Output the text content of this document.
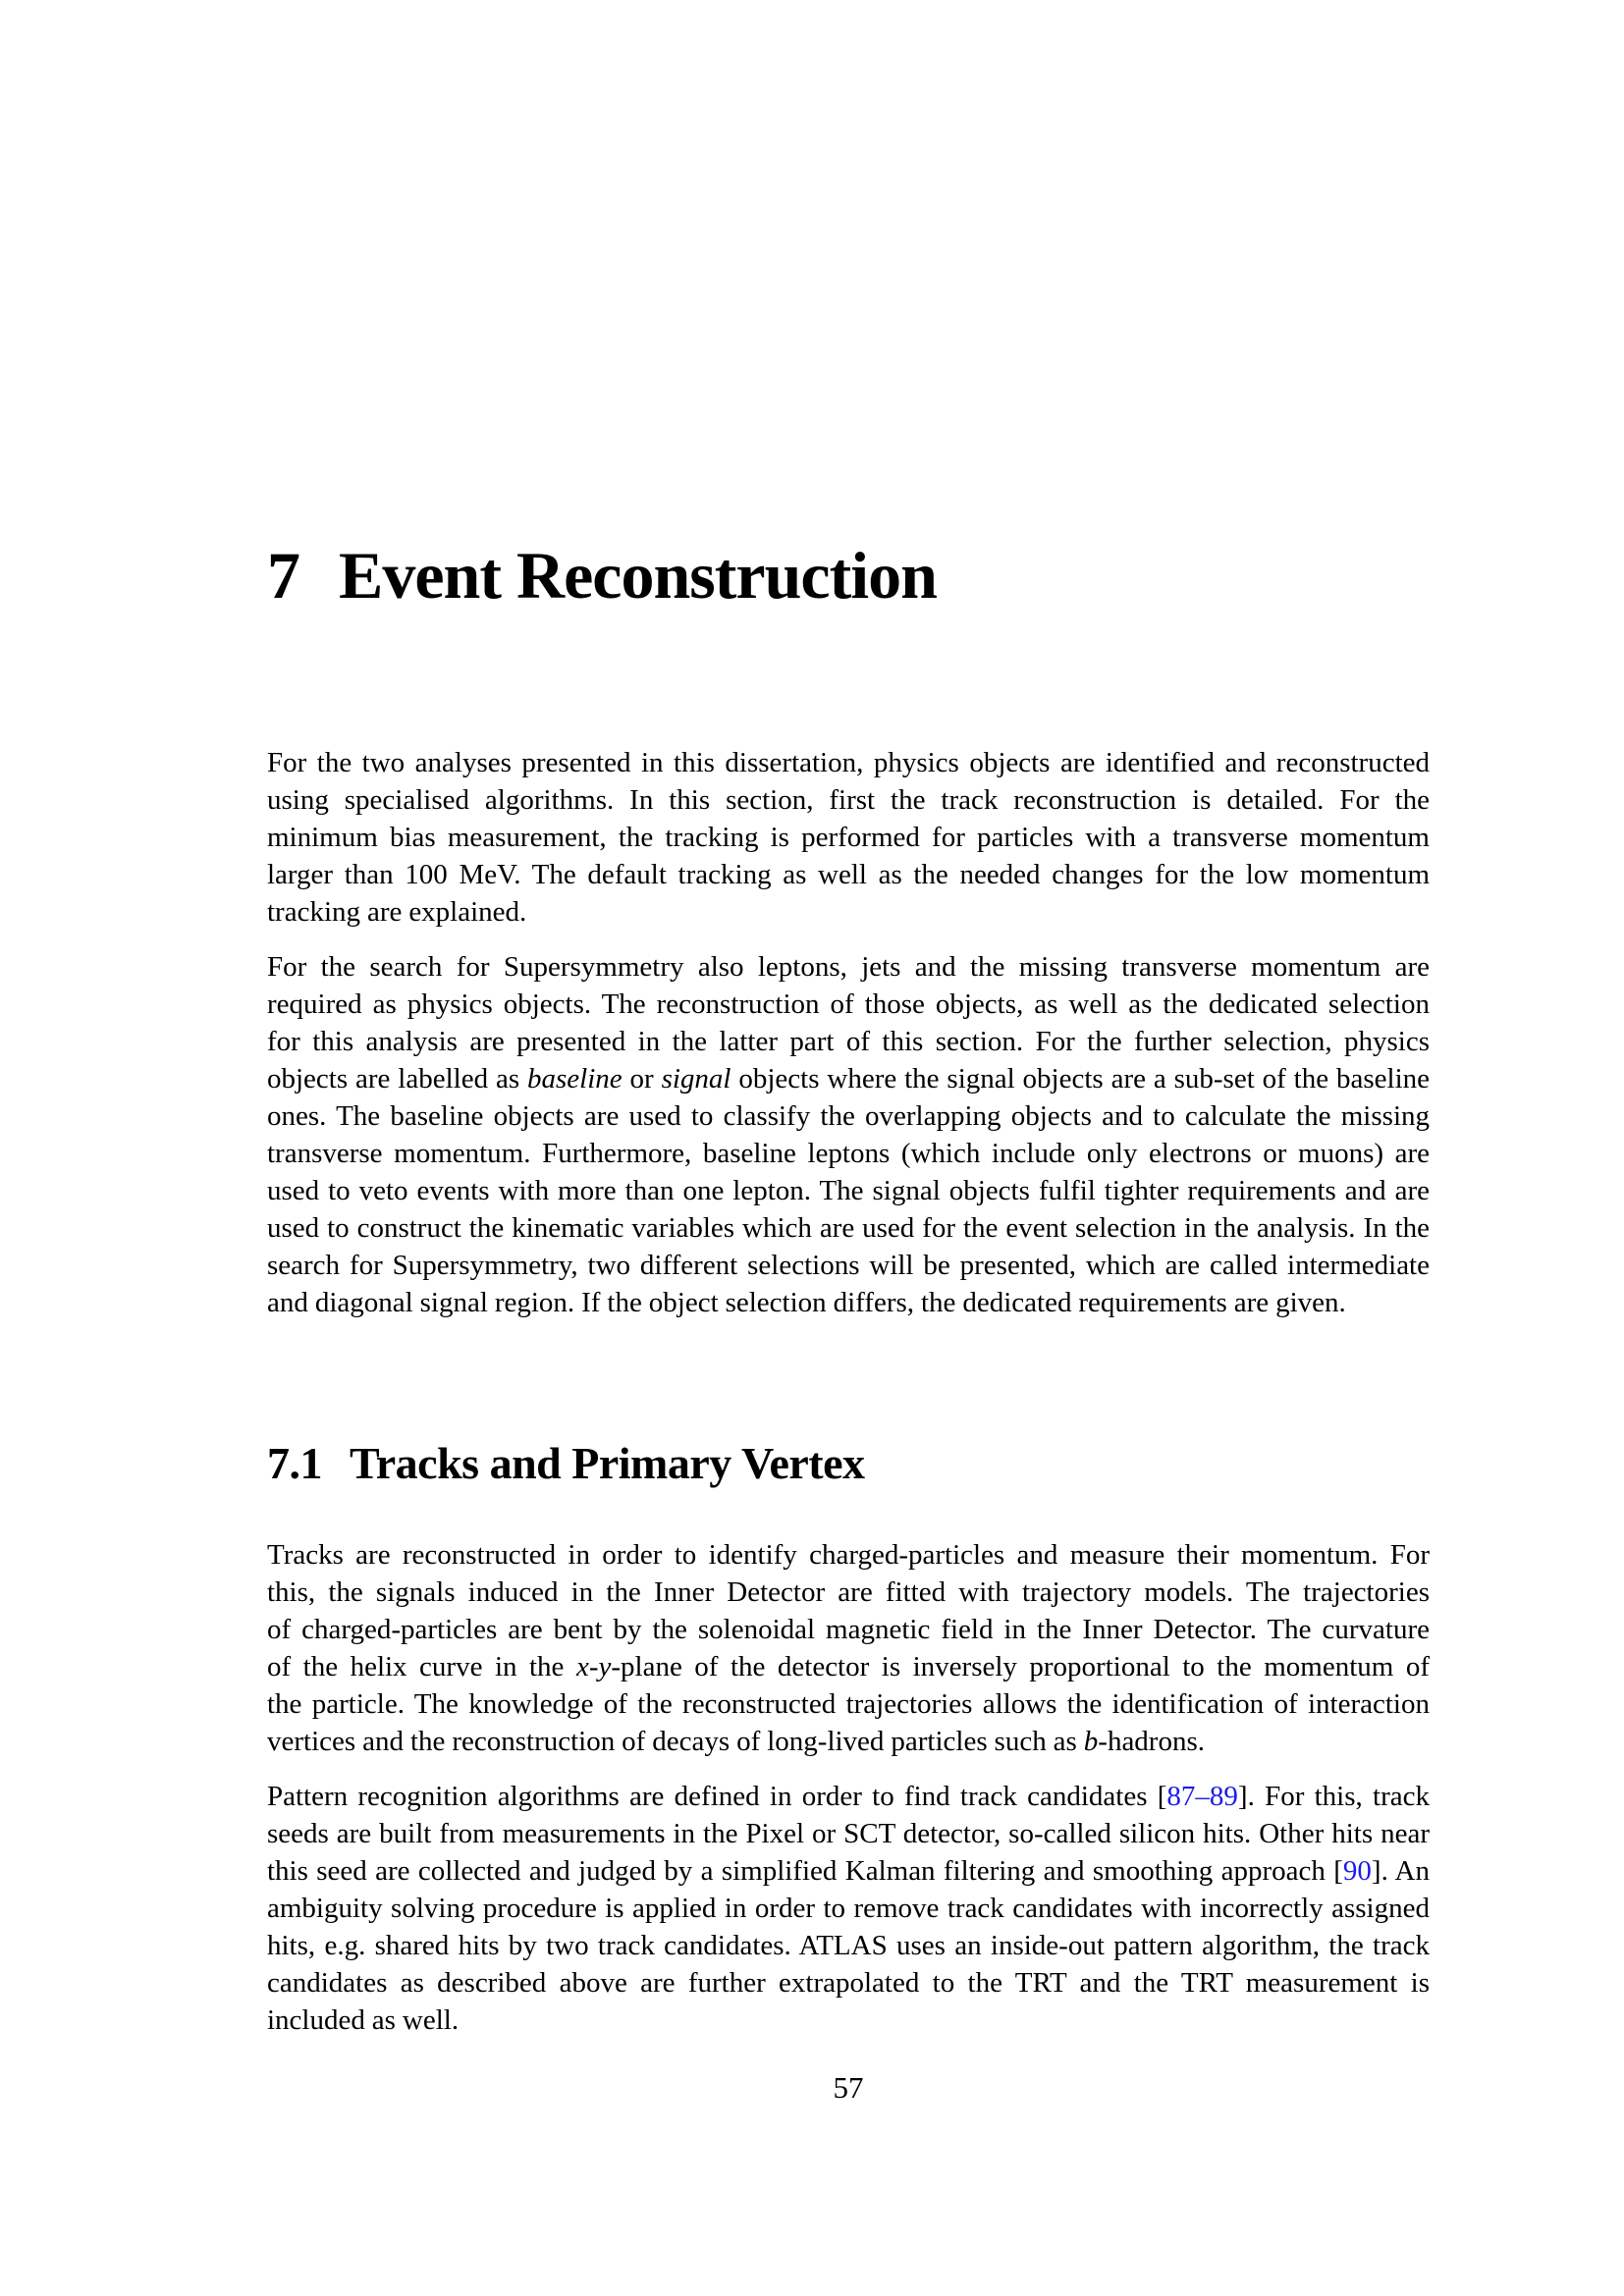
7 Event Reconstruction
For the two analyses presented in this dissertation, physics objects are identified and reconstructed
using specialised algorithms. In this section, first the track reconstruction is detailed. For the
minimum bias measurement, the tracking is performed for particles with a transverse momentum
larger than 100 MeV. The default tracking as well as the needed changes for the low momentum
tracking are explained.
For the search for Supersymmetry also leptons, jets and the missing transverse momentum are
required as physics objects. The reconstruction of those objects, as well as the dedicated selection
for this analysis are presented in the latter part of this section. For the further selection, physics
objects are labelled as baseline or signal objects where the signal objects are a sub-set of the baseline
ones. The baseline objects are used to classify the overlapping objects and to calculate the missing
transverse momentum. Furthermore, baseline leptons (which include only electrons or muons) are
used to veto events with more than one lepton. The signal objects fulfil tighter requirements and are
used to construct the kinematic variables which are used for the event selection in the analysis. In the
search for Supersymmetry, two different selections will be presented, which are called intermediate
and diagonal signal region. If the object selection differs, the dedicated requirements are given.
7.1 Tracks and Primary Vertex
Tracks are reconstructed in order to identify charged-particles and measure their momentum. For
this, the signals induced in the Inner Detector are fitted with trajectory models. The trajectories
of charged-particles are bent by the solenoidal magnetic field in the Inner Detector. The curvature
of the helix curve in the x-y-plane of the detector is inversely proportional to the momentum of
the particle. The knowledge of the reconstructed trajectories allows the identification of interaction
vertices and the reconstruction of decays of long-lived particles such as b-hadrons.
Pattern recognition algorithms are defined in order to find track candidates [87–89]. For this, track
seeds are built from measurements in the Pixel or SCT detector, so-called silicon hits. Other hits near
this seed are collected and judged by a simplified Kalman filtering and smoothing approach [90]. An
ambiguity solving procedure is applied in order to remove track candidates with incorrectly assigned
hits, e.g. shared hits by two track candidates. ATLAS uses an inside-out pattern algorithm, the track
candidates as described above are further extrapolated to the TRT and the TRT measurement is
included as well.
57
